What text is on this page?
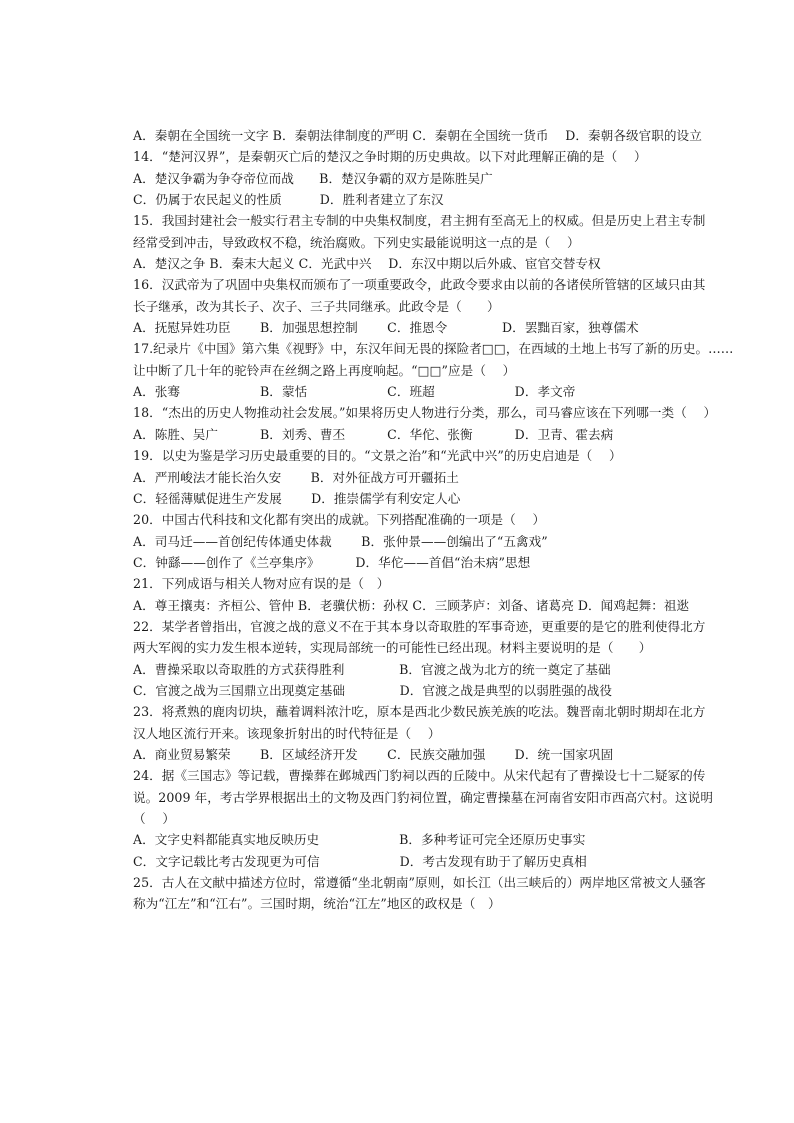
A．秦朝在全国统一文字 B．秦朝法律制度的严明 C．秦朝在全国统一货币　 D．秦朝各级官职的设立
14．“楚河汉界”，是秦朝灭亡后的楚汉之争时期的历史典故。以下对此理解正确的是（　 ）
A．楚汉争霸为争夺帝位而战　　B．楚汉争霸的双方是陈胜吴广
C．仍属于农民起义的性质　　　D．胜利者建立了东汉
15．我国封建社会一般实行君主专制的中央集权制度，君主拥有至高无上的权威。但是历史上君主专制
经常受到冲击，导致政权不稳，统治腐败。下列史实最能说明这一点的是（　 ）
A．楚汉之争 B．秦末大起义 C．光武中兴　 D．东汉中期以后外戚、宦官交替专权
16．汉武帝为了巩固中央集权而颁布了一项重要政令，此政令要求由以前的各诸侯所管辖的区域只由其
长子继承，改为其长子、次子、三子共同继承。此政令是（　　）
A．抚慰异姓功臣　　 B．加强思想控制　　 C．推恩令　　　　 D．罢黜百家，独尊儒术
17.纪录片《中国》第六集《视野》中，东汉年间无畏的探险者□□，在西域的土地上书写了新的历史。……
让中断了几十年的驼铃声在丝绸之路上再度响起。“□□”应是（　 ）
A．张骞　　　　　　 B．蒙恬　　　　　　 C．班超　　　　　　 D．孝文帝
18．“杰出的历史人物推动社会发展。”如果将历史人物进行分类，那么，司马睿应该在下列哪一类（　 ）
A．陈胜、吴广　　　 B．刘秀、曹丕　　　 C．华佗、张衡　　　 D．卫青、霍去病
19．以史为鉴是学习历史最重要的目的。“文景之治”和“光武中兴”的历史启迪是（　 ）
A．严刑峻法才能长治久安　　 B．对外征战方可开疆拓土
C．轻徭薄赋促进生产发展　　 D．推崇儒学有利安定人心
20．中国古代科技和文化都有突出的成就。下列搭配准确的一项是（　 ）
A．司马迁——首创纪传体通史体裁　　 B．张仲景——创编出了“五禽戏”
C．钟繇——创作了《兰亭集序》　　　 D．华佗——首倡“治未病”思想
21．下列成语与相关人物对应有误的是（　）
A．尊王攘夷：齐桓公、管仲 B．老骥伏枥：孙权 C．三顾茅庐：刘备、诸葛亮 D．闻鸡起舞：祖逖
22．某学者曾指出，官渡之战的意义不在于其本身以奇取胜的军事奇迹，更重要的是它的胜利使得北方
两大军阀的实力发生根本逆转，实现局部统一的可能性已经出现。材料主要说明的是（　　）
A．曹操采取以奇取胜的方式获得胜利　　　　 B．官渡之战为北方的统一奠定了基础
C．官渡之战为三国鼎立出现奠定基础　　　　 D．官渡之战是典型的以弱胜强的战役
23．将煮熟的鹿肉切块，蘸着调料浓汁吃，原本是西北少数民族羌族的吃法。魏晋南北朝时期却在北方
汉人地区流行开来。该现象折射出的时代特征是（　 ）
A．商业贸易繁荣　　 B．区域经济开发　　 C．民族交融加强　　 D．统一国家巩固
24．据《三国志》等记载，曹操葬在邺城西门豹祠以西的丘陵中。从宋代起有了曹操设七十二疑冢的传
说。2009 年，考古学界根据出土的文物及西门豹祠位置，确定曹操墓在河南省安阳市西高穴村。这说明
（　 ）
A．文字史料都能真实地反映历史　　　　　　 B．多种考证可完全还原历史事实
C．文字记载比考古发现更为可信　　　　　　 D．考古发现有助于了解历史真相
25．古人在文献中描述方位时，常遵循“坐北朝南”原则，如长江（出三峡后的）两岸地区常被文人骚客
称为“江左”和“江右”。三国时期，统治“江左”地区的政权是（　）
